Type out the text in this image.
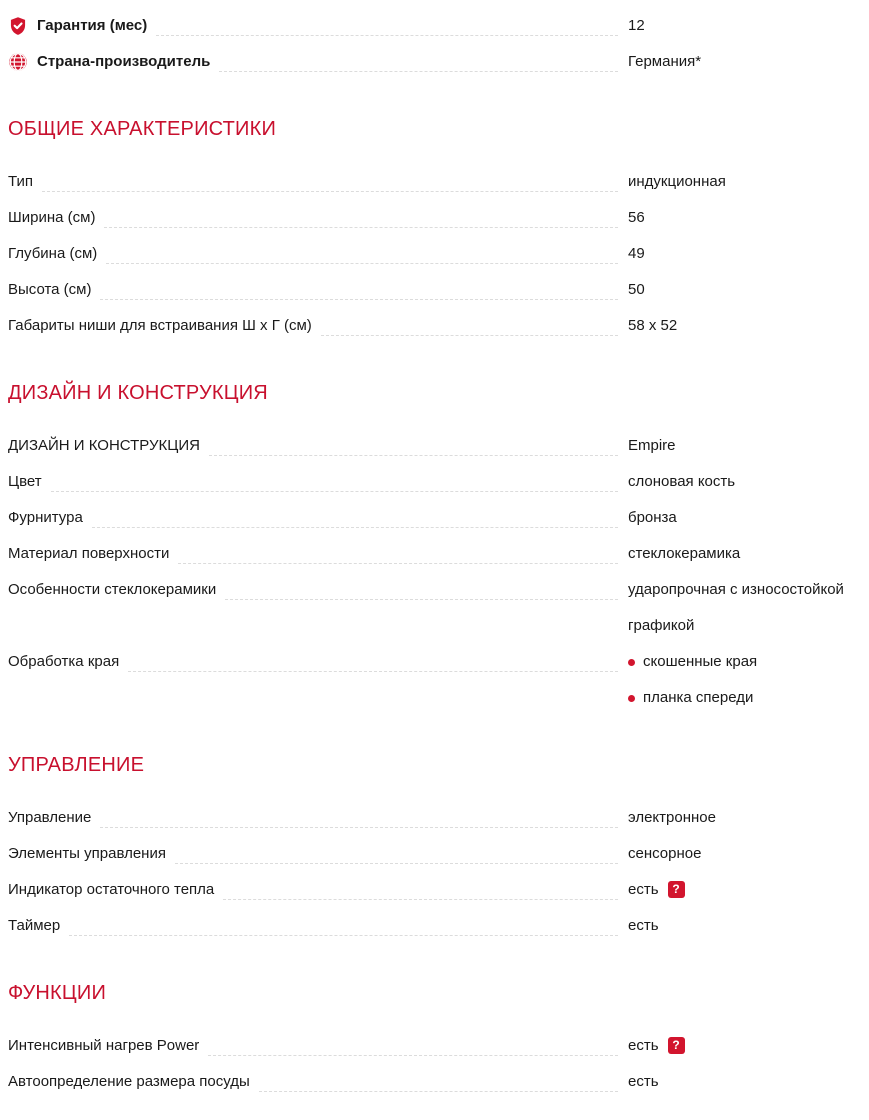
Гарантия (мес)	12
Страна-производитель	Германия*
ОБЩИЕ ХАРАКТЕРИСТИКИ
Тип	индукционная
Ширина (см)	56
Глубина (см)	49
Высота (см)	50
Габариты ниши для встраивания Ш х Г (см)	58 x 52
ДИЗАЙН И КОНСТРУКЦИЯ
ДИЗАЙН И КОНСТРУКЦИЯ	Empire
Цвет	слоновая кость
Фурнитура	бронза
Материал поверхности	стеклокерамика
Особенности стеклокерамики	ударопрочная с износостойкой графикой
Обработка края	скошенные края
планка спереди
УПРАВЛЕНИЕ
Управление	электронное
Элементы управления	сенсорное
Индикатор остаточного тепла	есть ?
Таймер	есть
ФУНКЦИИ
Интенсивный нагрев Power	есть ?
Автоопределение размера посуды	есть
